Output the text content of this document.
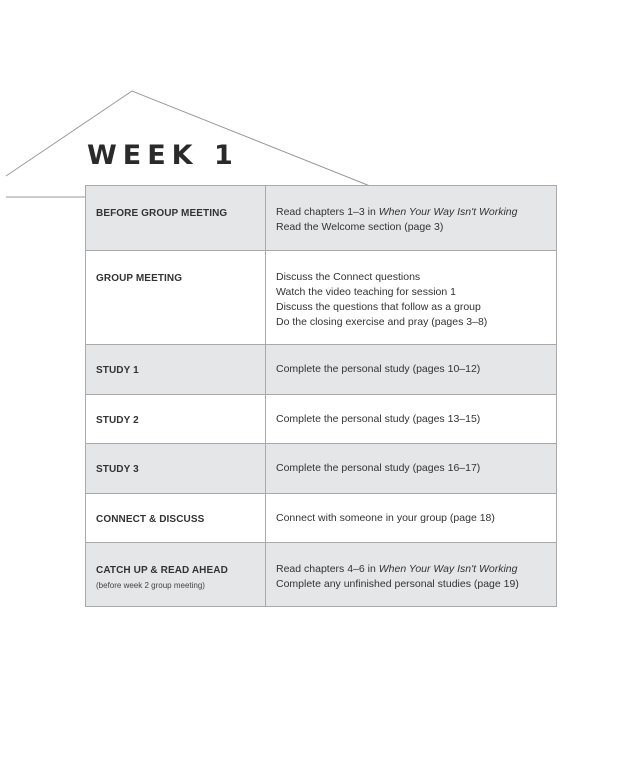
WEEK 1
BEFORE GROUP MEETING	Read chapters 1–3 in When Your Way Isn't Working
Read the Welcome section (page 3)

GROUP MEETING	Discuss the Connect questions
Watch the video teaching for session 1
Discuss the questions that follow as a group
Do the closing exercise and pray (pages 3–8)

STUDY 1	Complete the personal study (pages 10–12)

STUDY 2	Complete the personal study (pages 13–15)

STUDY 3	Complete the personal study (pages 16–17)

CONNECT & DISCUSS	Connect with someone in your group (page 18)

CATCH UP & READ AHEAD
(before week 2 group meeting)	Read chapters 4–6 in When Your Way Isn't Working
Complete any unfinished personal studies (page 19)
